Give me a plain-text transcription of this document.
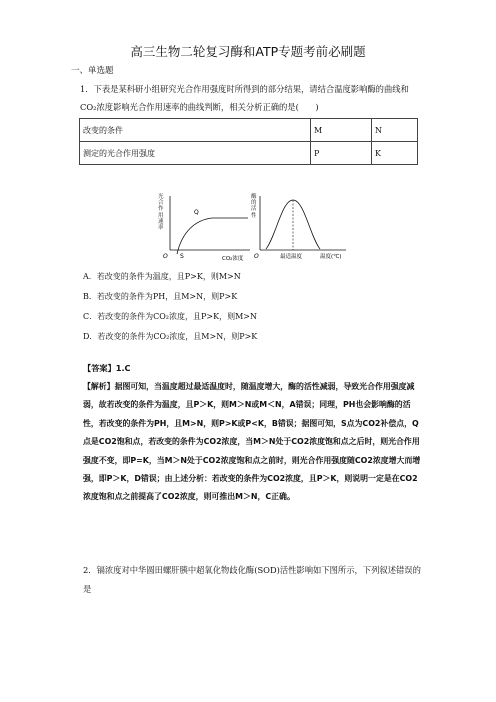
高三生物二轮复习酶和ATP专题考前必刷题
一、单选题
1．下表是某科研小组研究光合作用强度时所得到的部分结果，请结合温度影响酶的曲线和CO₂浓度影响光合作用速率的曲线判断，相关分析正确的是(　　)
改变的条件	M	N
测定的光合作用强度	P	K
Q
O S	CO₂浓度
光合作用速率
O	最适温度	温度(℃)
酶的活性
A．若改变的条件为温度，且P>K，则M>N
B．若改变的条件为PH，且M>N，则P>K
C．若改变的条件为CO₂浓度，且P>K，则M>N
D．若改变的条件为CO₂浓度，且M>N，则P>K
【答案】1.C
【解析】据图可知，当温度超过最适温度时，随温度增大，酶的活性减弱，导致光合作用强度减弱，故若改变的条件为温度，且P＞K，则M＞N或M＜N，A错误；同理，PH也会影响酶的活性，若改变的条件为PH，且M>N，则P>K或P<K，B错误；据图可知，S点为CO2补偿点，Q点是CO2饱和点，若改变的条件为CO2浓度，当M＞N处于CO2浓度饱和点之后时，则光合作用强度不变，即P=K，当M＞N处于CO2浓度饱和点之前时，则光合作用强度随CO2浓度增大而增强，即P＞K，D错误；由上述分析：若改变的条件为CO2浓度，且P＞K，则说明一定是在CO2浓度饱和点之前提高了CO2浓度，则可推出M＞N，C正确。
2．镉浓度对中华圆田螺肝胰中超氧化物歧化酶(SOD)活性影响如下图所示，下列叙述错误的是
